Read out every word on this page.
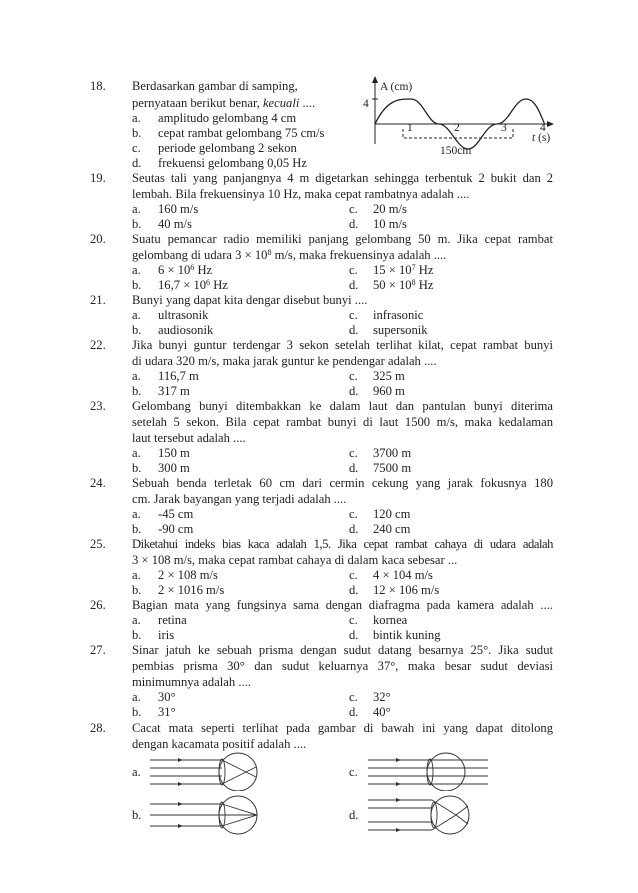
18.	Berdasarkan gambar di samping,
pernyataan berikut benar, kecuali ....
a. amplitudo gelombang 4 cm
b. cepat rambat gelombang 75 cm/s
c. periode gelombang 2 sekon
d. frekuensi gelombang 0,05 Hz
A (cm)
4
1	2	3	4
t (s)
150cm
19.	Seutas tali yang panjangnya 4 m digetarkan sehingga terbentuk 2 bukit dan 2
lembah. Bila frekuensinya 10 Hz, maka cepat rambatnya adalah ....
a. 160 m/s
b. 40 m/s
c. 20 m/s
d. 10 m/s
20.	Suatu pemancar radio memiliki panjang gelombang 50 m. Jika cepat rambat
gelombang di udara $3 \times 10^8$ m/s, maka frekuensinya adalah ....
a. $6 \times 10^6$ Hz
b. $16,7 \times 10^6$ Hz
c. $15 \times 10^7$ Hz
d. $50 \times 10^8$ Hz
21.	Bunyi yang dapat kita dengar disebut bunyi ....
a. ultrasonik
b. audiosonik
c. infrasonic
d. supersonik
22.	Jika bunyi guntur terdengar 3 sekon setelah terlihat kilat, cepat rambat bunyi
di udara 320 m/s, maka jarak guntur ke pendengar adalah ....
a. 116,7 m
b. 317 m
c. 325 m
d. 960 m
23.	Gelombang bunyi ditembakkan ke dalam laut dan pantulan bunyi diterima
setelah 5 sekon. Bila cepat rambat bunyi di laut 1500 m/s, maka kedalaman
laut tersebut adalah ....
a. 150 m
b. 300 m
c. 3700 m
d. 7500 m
24.	Sebuah benda terletak 60 cm dari cermin cekung yang jarak fokusnya 180
cm. Jarak bayangan yang terjadi adalah ....
a. -45 cm
b. -90 cm
c. 120 cm
d. 240 cm
25.	Diketahui indeks bias kaca adalah 1,5. Jika cepat rambat cahaya di udara adalah
3 × 108 m/s, maka cepat rambat cahaya di dalam kaca sebesar ...
a. 2 × 108 m/s
b. 2 × 1016 m/s
c. 4 × 104 m/s
d. 12 × 106 m/s
26.	Bagian mata yang fungsinya sama dengan diafragma pada kamera adalah ....
a. retina
b. iris
c. kornea
d. bintik kuning
27.	Sinar jatuh ke sebuah prisma dengan sudut datang besarnya 25°. Jika sudut
pembias prisma 30° dan sudut keluarnya 37°, maka besar sudut deviasi
minimumnya adalah ....
a. 30°
b. 31°
c. 32°
d. 40°
28.	Cacat mata seperti terlihat pada gambar di bawah ini yang dapat ditolong
dengan kacamata positif adalah ....
a.
b.
c.
d.
